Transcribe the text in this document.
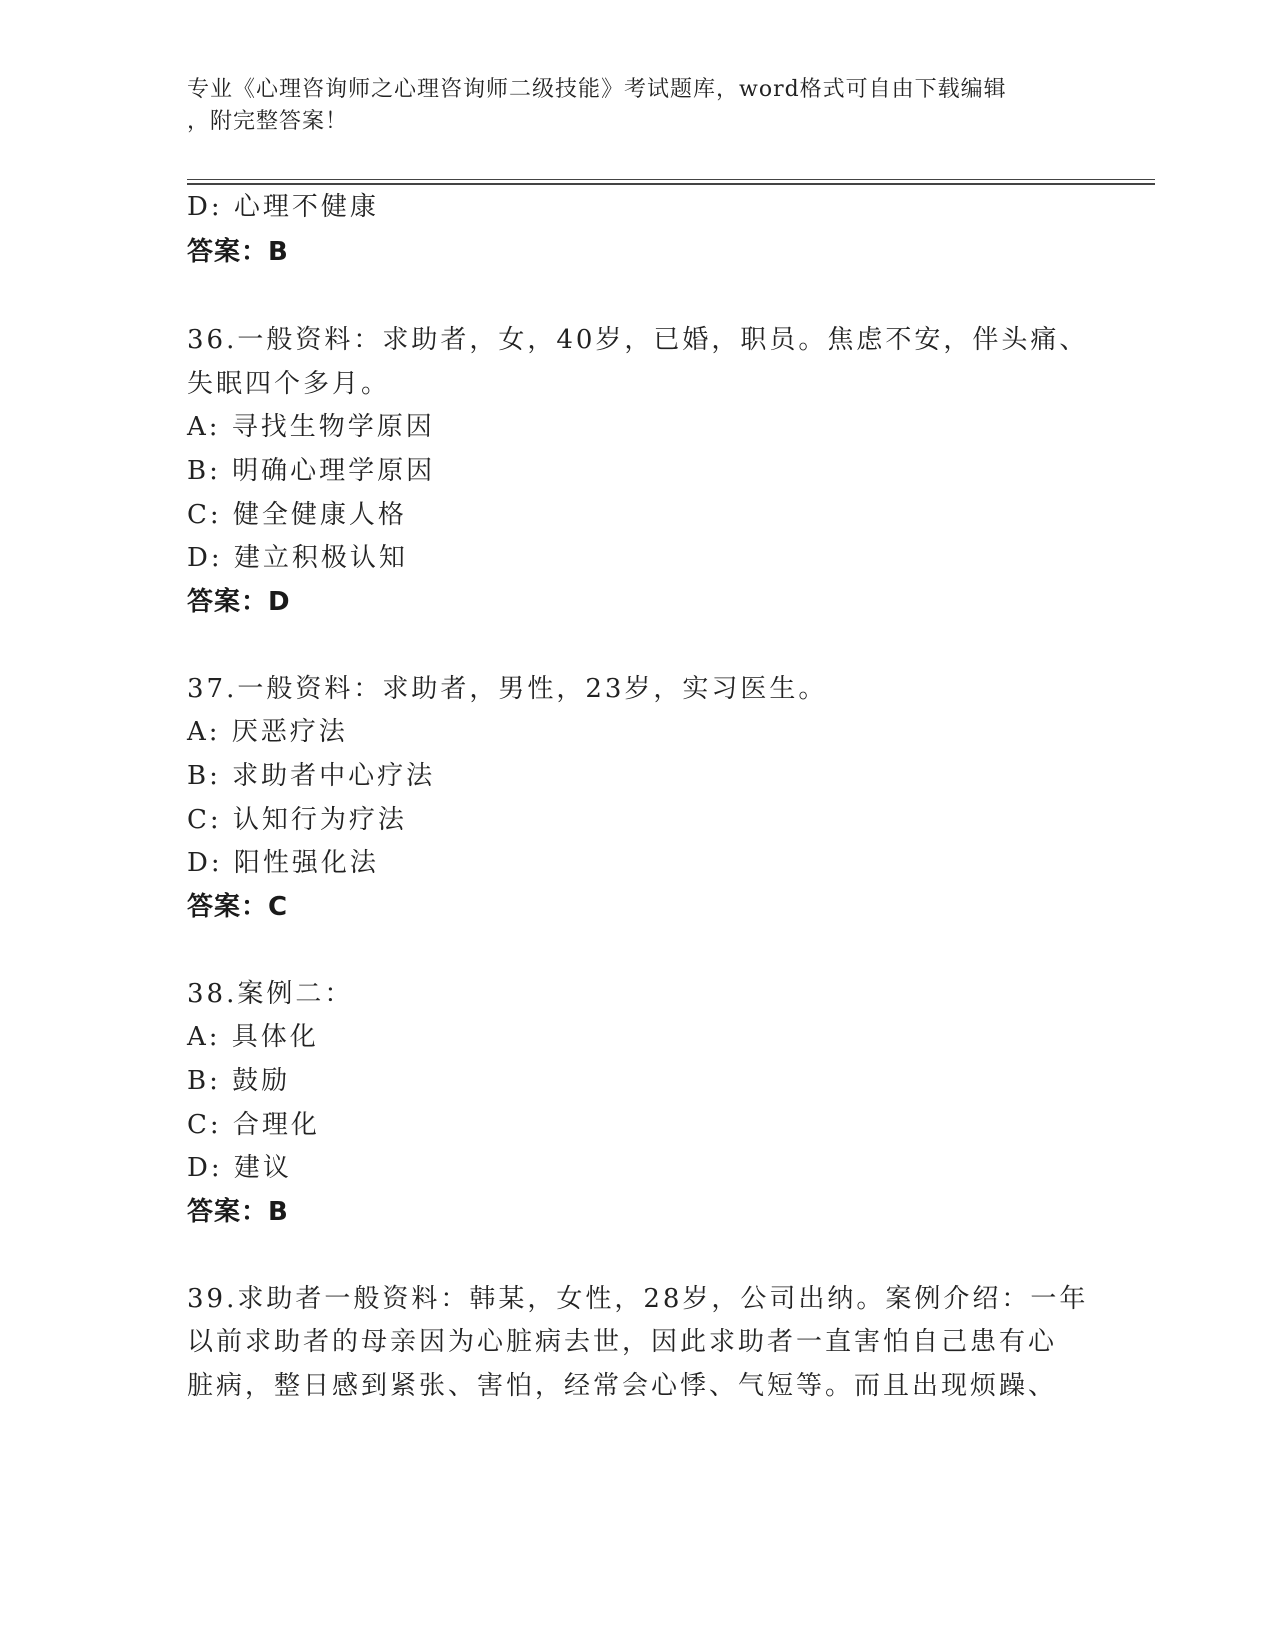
专业《心理咨询师之心理咨询师二级技能》考试题库，word格式可自由下载编辑
，附完整答案！
D: 心理不健康
答案：B
36.一般资料：求助者，女，40岁，已婚，职员。焦虑不安，伴头痛、
失眠四个多月。
A: 寻找生物学原因
B: 明确心理学原因
C: 健全健康人格
D: 建立积极认知
答案：D
37.一般资料：求助者，男性，23岁，实习医生。
A: 厌恶疗法
B: 求助者中心疗法
C: 认知行为疗法
D: 阳性强化法
答案：C
38.案例二：
A: 具体化
B: 鼓励
C: 合理化
D: 建议
答案：B
39.求助者一般资料：韩某，女性，28岁，公司出纳。案例介绍：一年
以前求助者的母亲因为心脏病去世，因此求助者一直害怕自己患有心
脏病，整日感到紧张、害怕，经常会心悸、气短等。而且出现烦躁、
